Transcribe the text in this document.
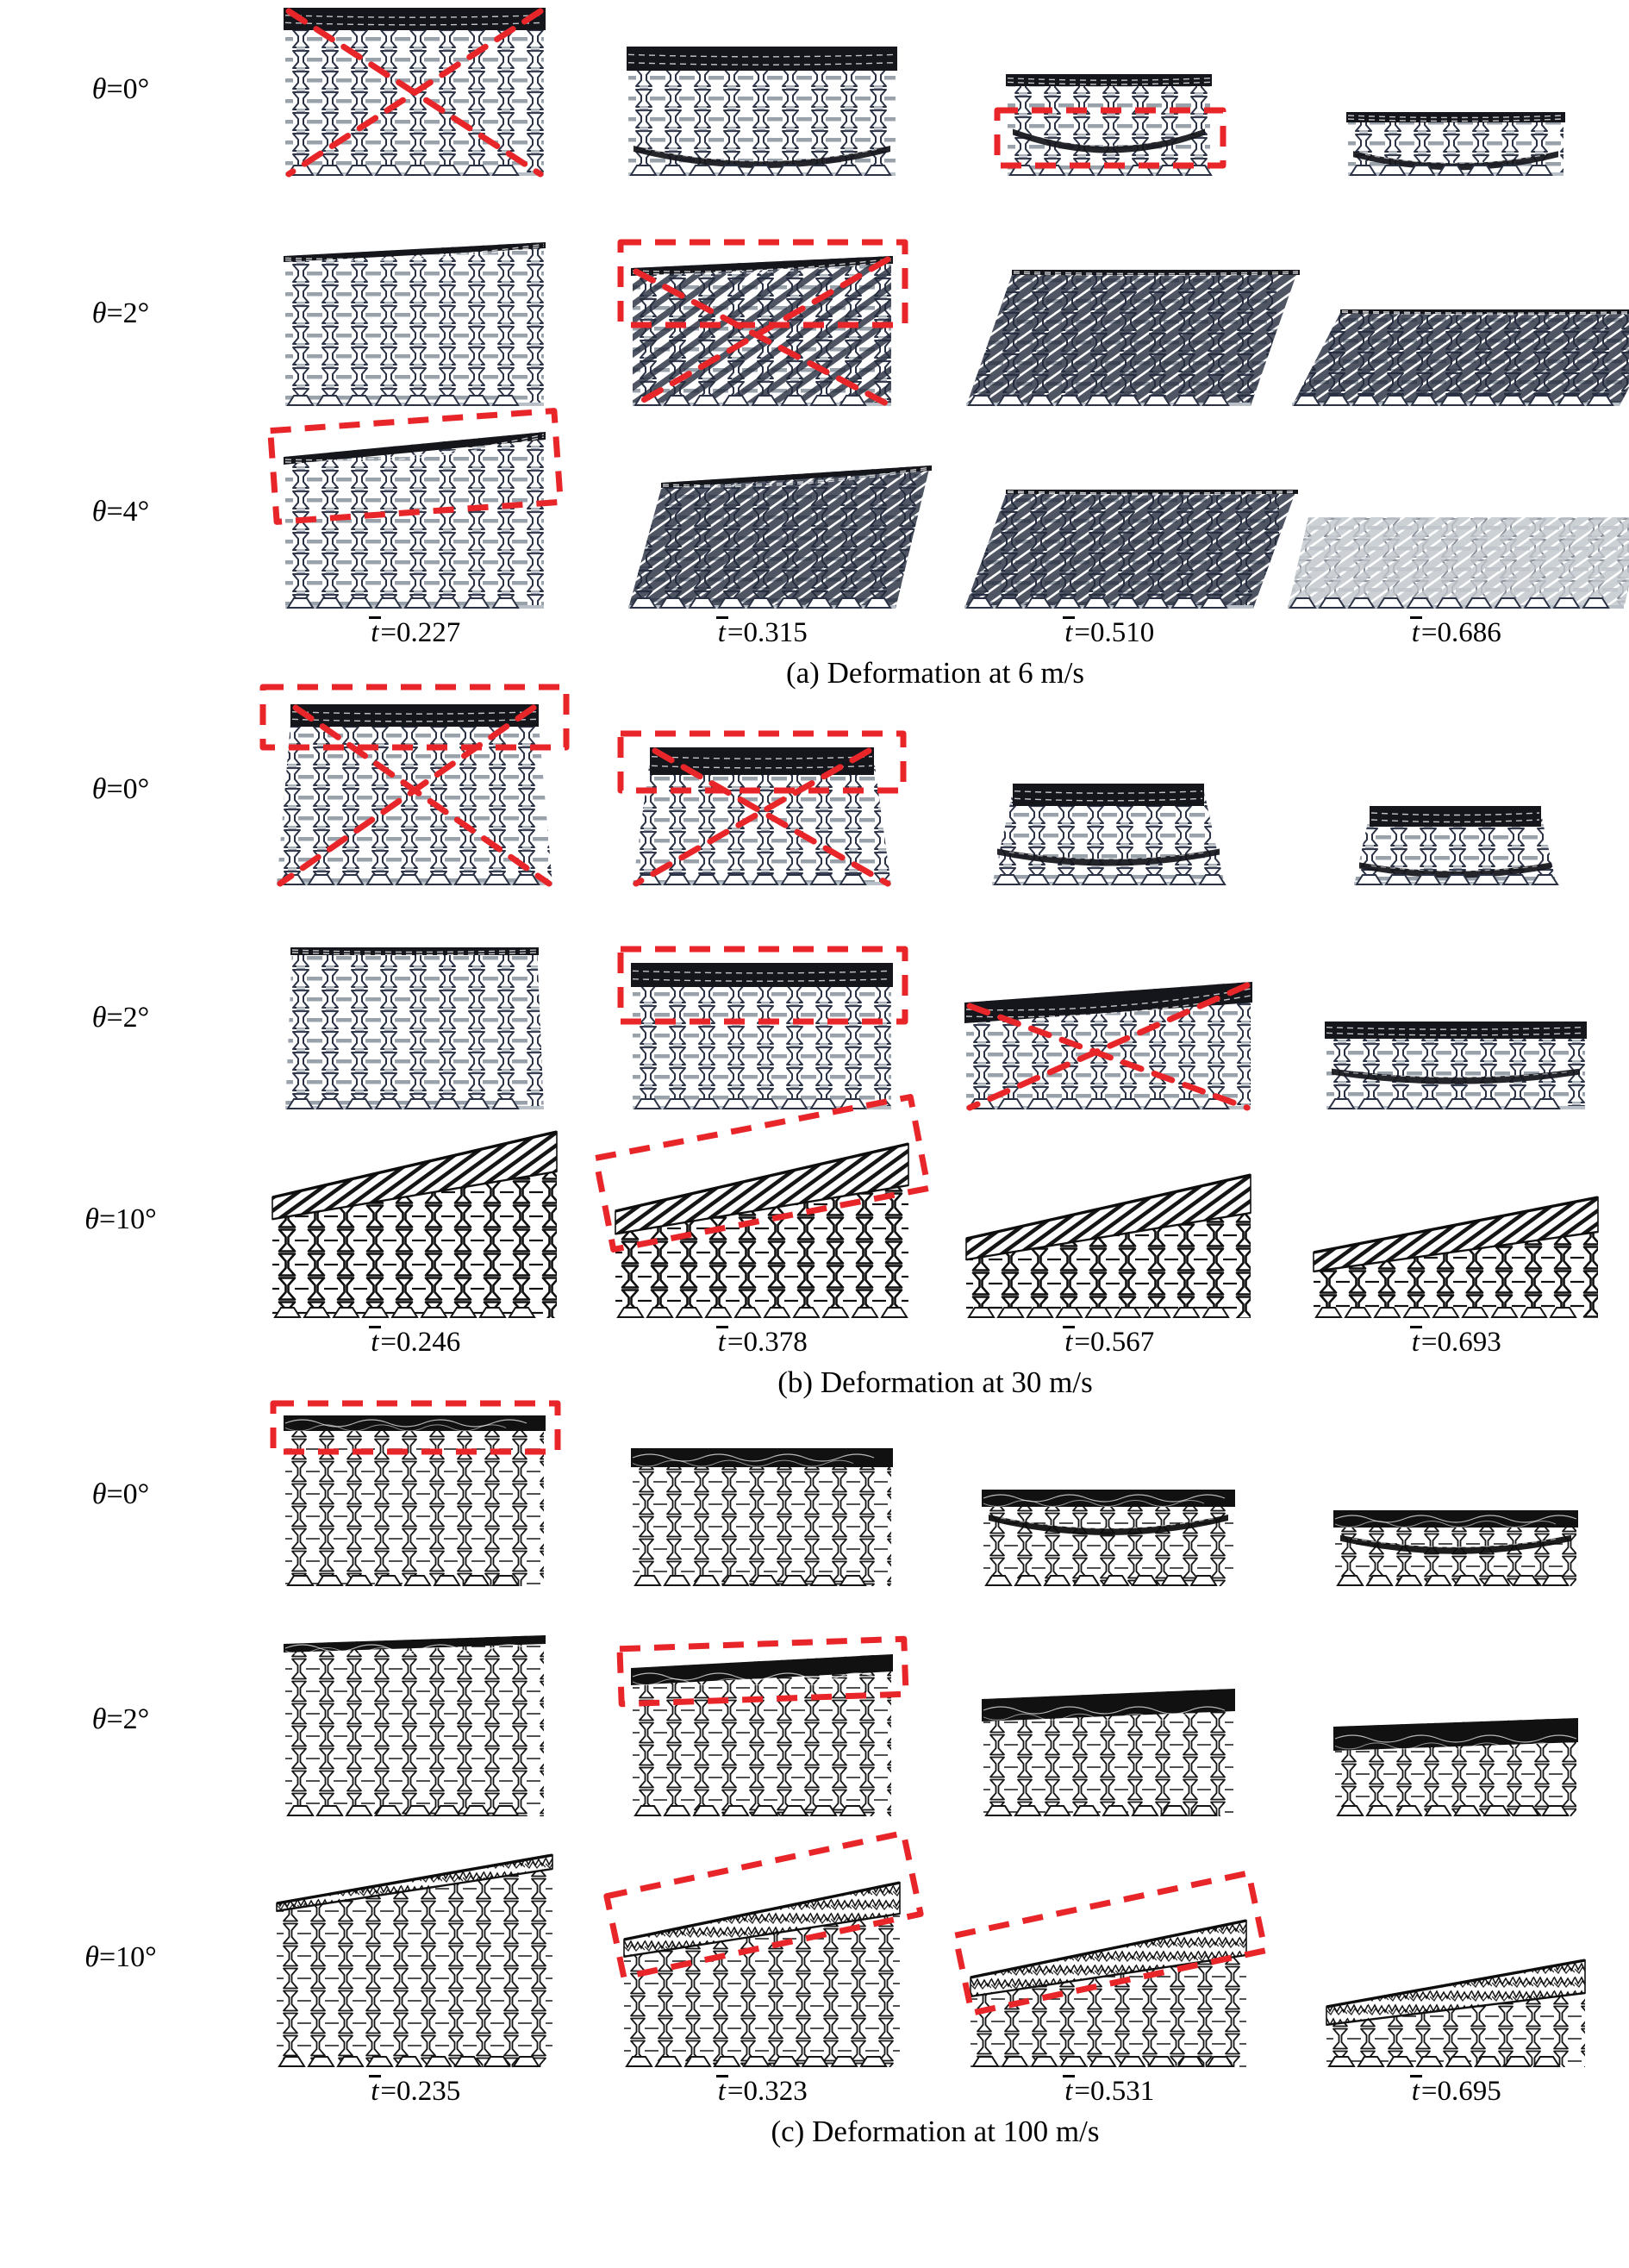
θ=0°
θ=2°
θ=4°
t=0.227	t=0.315	t=0.510	t=0.686
(a) Deformation at 6 m/s
θ=0°
θ=2°
θ=10°
t=0.246	t=0.378	t=0.567	t=0.693
(b) Deformation at 30 m/s
θ=0°
θ=2°
θ=10°
t=0.235	t=0.323	t=0.531	t=0.695
(c) Deformation at 100 m/s
